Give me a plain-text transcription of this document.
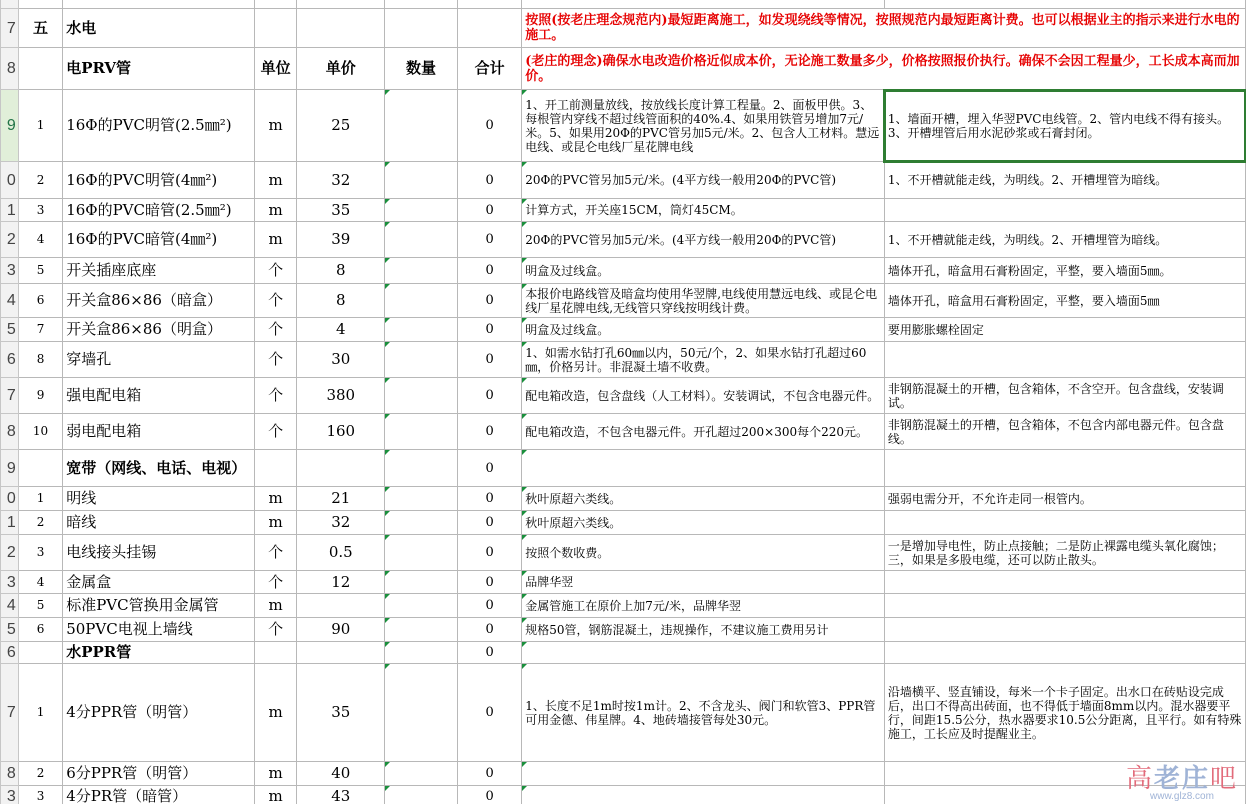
7	五	水电					按照(按老庄理念规范内)最短距离施工，如发现绕线等情况，按照规范内最短距离计费。也可以根据业主的指示来进行水电的施工。	
8		电PRV管	单位	单价	数量	合计	(老庄的理念)确保水电改造价格近似成本价，无论施工数量多少，价格按照报价执行。确保不会因工程量少，工长成本高而加价。	
9	1	16Φ的PVC明管(2.5㎜²)	m	25		0	1、开工前测量放线，按放线长度计算工程量。2、面板甲供。3、每根管内穿线不超过线管面积的40%.4、如果用铁管另增加7元/米。5、如果用20Φ的PVC管另加5元/米。2、包含人工材料。慧远电线、或昆仑电线厂星花牌电线	1、墙面开槽，埋入华翌PVC电线管。2、管内电线不得有接头。3、开槽埋管后用水泥砂浆或石膏封闭。
0	2	16Φ的PVC明管(4㎜²)	m	32		0	20Φ的PVC管另加5元/米。(4平方线一般用20Φ的PVC管)	1、不开槽就能走线，为明线。2、开槽埋管为暗线。
1	3	16Φ的PVC暗管(2.5㎜²)	m	35		0	计算方式，开关座15CM，筒灯45CM。	
2	4	16Φ的PVC暗管(4㎜²)	m	39		0	20Φ的PVC管另加5元/米。(4平方线一般用20Φ的PVC管)	1、不开槽就能走线，为明线。2、开槽埋管为暗线。
3	5	开关插座底座	个	8		0	明盒及过线盒。	墙体开孔，暗盒用石膏粉固定，平整，要入墙面5㎜。
4	6	开关盒86×86（暗盒）	个	8		0	本报价电路线管及暗盒均使用华翌牌,电线使用慧远电线、或昆仑电线厂星花牌电线,无线管只穿线按明线计费。	墙体开孔，暗盒用石膏粉固定，平整，要入墙面5㎜
5	7	开关盒86×86（明盒）	个	4		0	明盒及过线盒。	要用膨胀螺栓固定
6	8	穿墙孔	个	30		0	1、如需水钻打孔60㎜以内，50元/个，2、如果水钻打孔超过60㎜，价格另计。非混凝土墙不收费。	
7	9	强电配电箱	个	380		0	配电箱改造，包含盘线（人工材料）。安装调试，不包含电器元件。	非钢筋混凝土的开槽，包含箱体，不含空开。包含盘线，安装调试。
8	10	弱电配电箱	个	160		0	配电箱改造，不包含电器元件。开孔超过200×300每个220元。	非钢筋混凝土的开槽，包含箱体，不包含内部电器元件。包含盘线。
9		宽带（网线、电话、电视）				0		
0	1	明线	m	21		0	秋叶原超六类线。	强弱电需分开，不允许走同一根管内。
1	2	暗线	m	32		0	秋叶原超六类线。	
2	3	电线接头挂锡	个	0.5		0	按照个数收费。	一是增加导电性，防止点接触；二是防止裸露电缆头氧化腐蚀；三，如果是多股电缆，还可以防止散头。
3	4	金属盒	个	12		0	品牌华翌	
4	5	标准PVC管换用金属管	m			0	金属管施工在原价上加7元/米，品牌华翌	
5	6	50PVC电视上墙线	个	90		0	规格50管，钢筋混凝土，违规操作，不建议施工费用另计	
6		水PPR管				0		
7	1	4分PPR管（明管）	m	35		0	1、长度不足1m时按1m计。2、不含龙头、阀门和软管3、PPR管可用金德、伟星牌。4、地砖墙接管每处30元。	沿墙横平、竖直铺设，每米一个卡子固定。出水口在砖贴设完成后，出口不得高出砖面，也不得低于墙面8mm以内。混水器要平行，间距15.5公分，热水器要求10.5公分距离，且平行。如有特殊施工，工长应及时提醒业主。
8	2	6分PPR管（明管）	m	40		0		
3	3	4分PR管（暗管）	m	43		0		
高老庄吧
www.glz8.com
